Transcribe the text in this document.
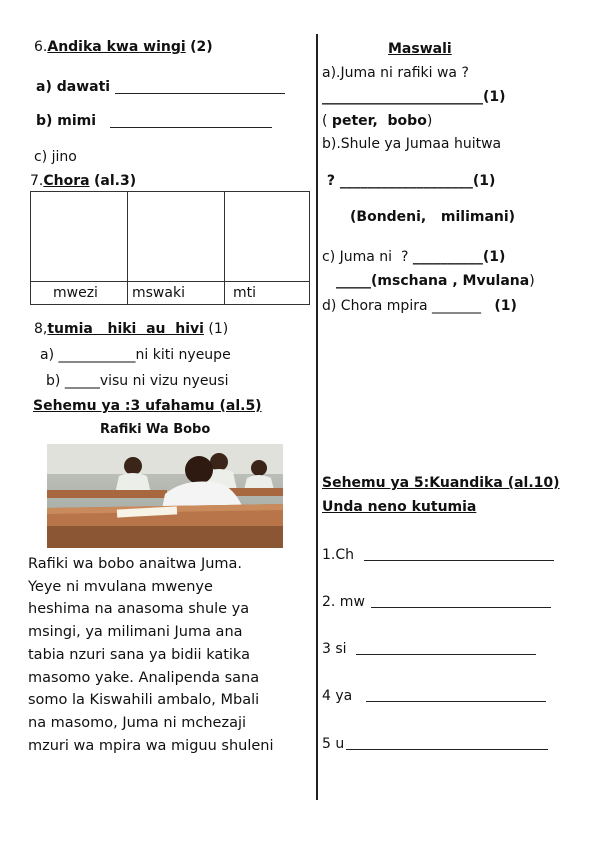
6.Andika kwa wingi (2)
a) dawati
b) mimi
c) jino
7.Chora (al.3)

mwezi	mswaki	mti
8,tumia   hiki  au  hivi (1)
a) ___________ni kiti nyeupe
b) _____visu ni vizu nyeusi
Sehemu ya :3 ufahamu (al.5)
Rafiki Wa Bobo
Rafiki wa bobo anaitwa Juma.
Yeye ni mvulana mwenye
heshima na anasoma shule ya
msingi, ya milimani Juma ana
tabia nzuri sana ya bidii katika
masomo yake. Analipenda sana
somo la Kiswahili ambalo, Mbali
na masomo, Juma ni mchezaji
mzuri wa mpira wa miguu shuleni
Maswali
a).Juma ni rafiki wa ?
_______________________(1)
( peter,  bobo)
b).Shule ya Jumaa huitwa
? ___________________(1)
(Bondeni,   milimani)
c) Juma ni  ? __________(1)
_____(mschana , Mvulana)
d) Chora mpira _______ (1)
Sehemu ya 5:Kuandika (al.10)
Unda neno kutumia
1.Ch
2. mw
3 si
4 ya
5 u
